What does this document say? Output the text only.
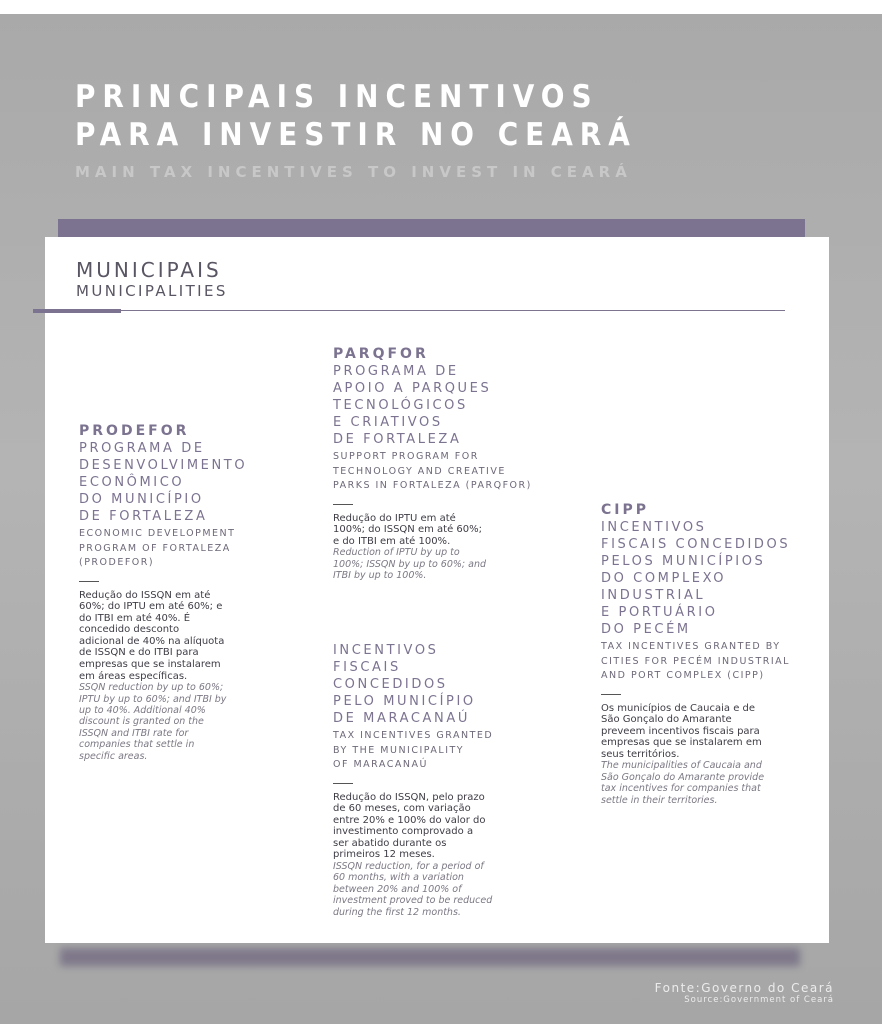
PRINCIPAIS INCENTIVOS
PARA INVESTIR NO CEARÁ
MAIN TAX INCENTIVES TO INVEST IN CEARÁ
MUNICIPAIS
MUNICIPALITIES
PRODEFOR
PROGRAMA DE
DESENVOLVIMENTO
ECONÔMICO
DO MUNICÍPIO
DE FORTALEZA
ECONOMIC DEVELOPMENT
PROGRAM OF FORTALEZA
(PRODEFOR)
Redução do ISSQN em até
60%; do IPTU em até 60%; e
do ITBI em até 40%. É
concedido desconto
adicional de 40% na alíquota
de ISSQN e do ITBI para
empresas que se instalarem
em áreas específicas.
SSQN reduction by up to 60%;
IPTU by up to 60%; and ITBI by
up to 40%. Additional 40%
discount is granted on the
ISSQN and ITBI rate for
companies that settle in
specific areas.
PARQFOR
PROGRAMA DE
APOIO A PARQUES
TECNOLÓGICOS
E CRIATIVOS
DE FORTALEZA
SUPPORT PROGRAM FOR
TECHNOLOGY AND CREATIVE
PARKS IN FORTALEZA (PARQFOR)
Redução do IPTU em até
100%; do ISSQN em até 60%;
e do ITBI em até 100%.
Reduction of IPTU by up to
100%; ISSQN by up to 60%; and
ITBI by up to 100%.
INCENTIVOS
FISCAIS
CONCEDIDOS
PELO MUNICÍPIO
DE MARACANAÚ
TAX INCENTIVES GRANTED
BY THE MUNICIPALITY
OF MARACANAÚ
Redução do ISSQN, pelo prazo
de 60 meses, com variação
entre 20% e 100% do valor do
investimento comprovado a
ser abatido durante os
primeiros 12 meses.
ISSQN reduction, for a period of
60 months, with a variation
between 20% and 100% of
investment proved to be reduced
during the first 12 months.
CIPP
INCENTIVOS
FISCAIS CONCEDIDOS
PELOS MUNICÍPIOS
DO COMPLEXO
INDUSTRIAL
E PORTUÁRIO
DO PECÉM
TAX INCENTIVES GRANTED BY
CITIES FOR PECÉM INDUSTRIAL
AND PORT COMPLEX (CIPP)
Os municípios de Caucaia e de
São Gonçalo do Amarante
preveem incentivos fiscais para
empresas que se instalarem em
seus territórios.
The municipalities of Caucaia and
São Gonçalo do Amarante provide
tax incentives for companies that
settle in their territories.
Fonte:Governo do Ceará
Source:Government of Ceará
